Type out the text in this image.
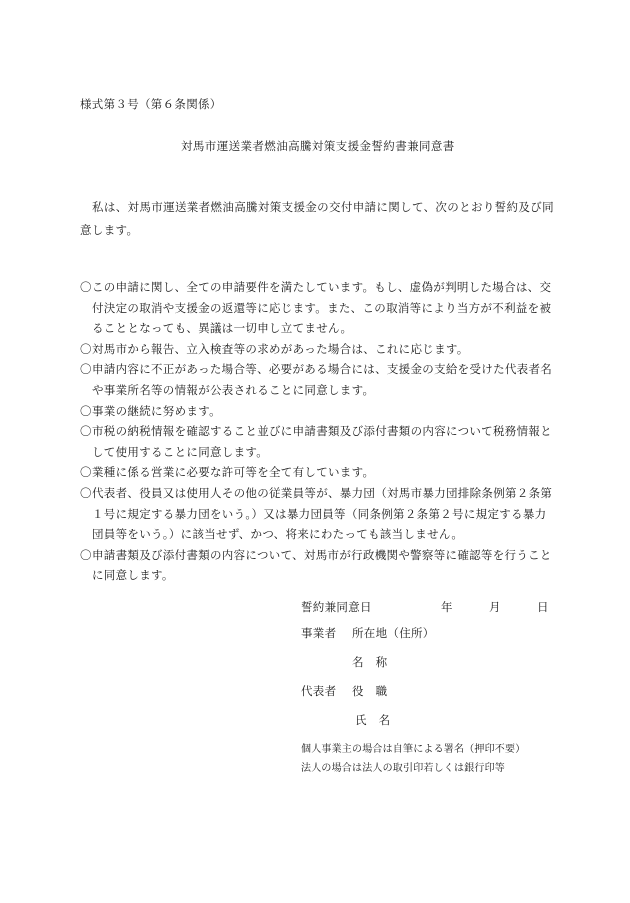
様式第３号（第６条関係）
対馬市運送業者燃油高騰対策支援金誓約書兼同意書

私は、対馬市運送業者燃油高騰対策支援金の交付申請に関して、次のとおり誓約及び同意します。

〇 この申請に関し、全ての申請要件を満たしています。もし、虚偽が判明した場合は、交付決定の取消や支援金の返還等に応じます。また、この取消等により当方が不利益を被ることとなっても、異議は一切申し立てません。
〇 対馬市から報告、立入検査等の求めがあった場合は、これに応じます。
〇 申請内容に不正があった場合等、必要がある場合には、支援金の支給を受けた代表者名や事業所名等の情報が公表されることに同意します。
〇 事業の継続に努めます。
〇 市税の納税情報を確認すること並びに申請書類及び添付書類の内容について税務情報として使用することに同意します。
〇 業種に係る営業に必要な許可等を全て有しています。
〇 代表者、役員又は使用人その他の従業員等が、暴力団（対馬市暴力団排除条例第２条第１号に規定する暴力団をいう。）又は暴力団員等（同条例第２条第２号に規定する暴力団員等をいう。）に該当せず、かつ、将来にわたっても該当しません。
〇 申請書類及び添付書類の内容について、対馬市が行政機関や警察等に確認等を行うことに同意します。
誓約兼同意日	年	月	日
事業者 所在地（住所）
名　称
代表者 役　職
氏　名
個人事業主の場合は自筆による署名（押印不要）
法人の場合は法人の取引印若しくは銀行印等
